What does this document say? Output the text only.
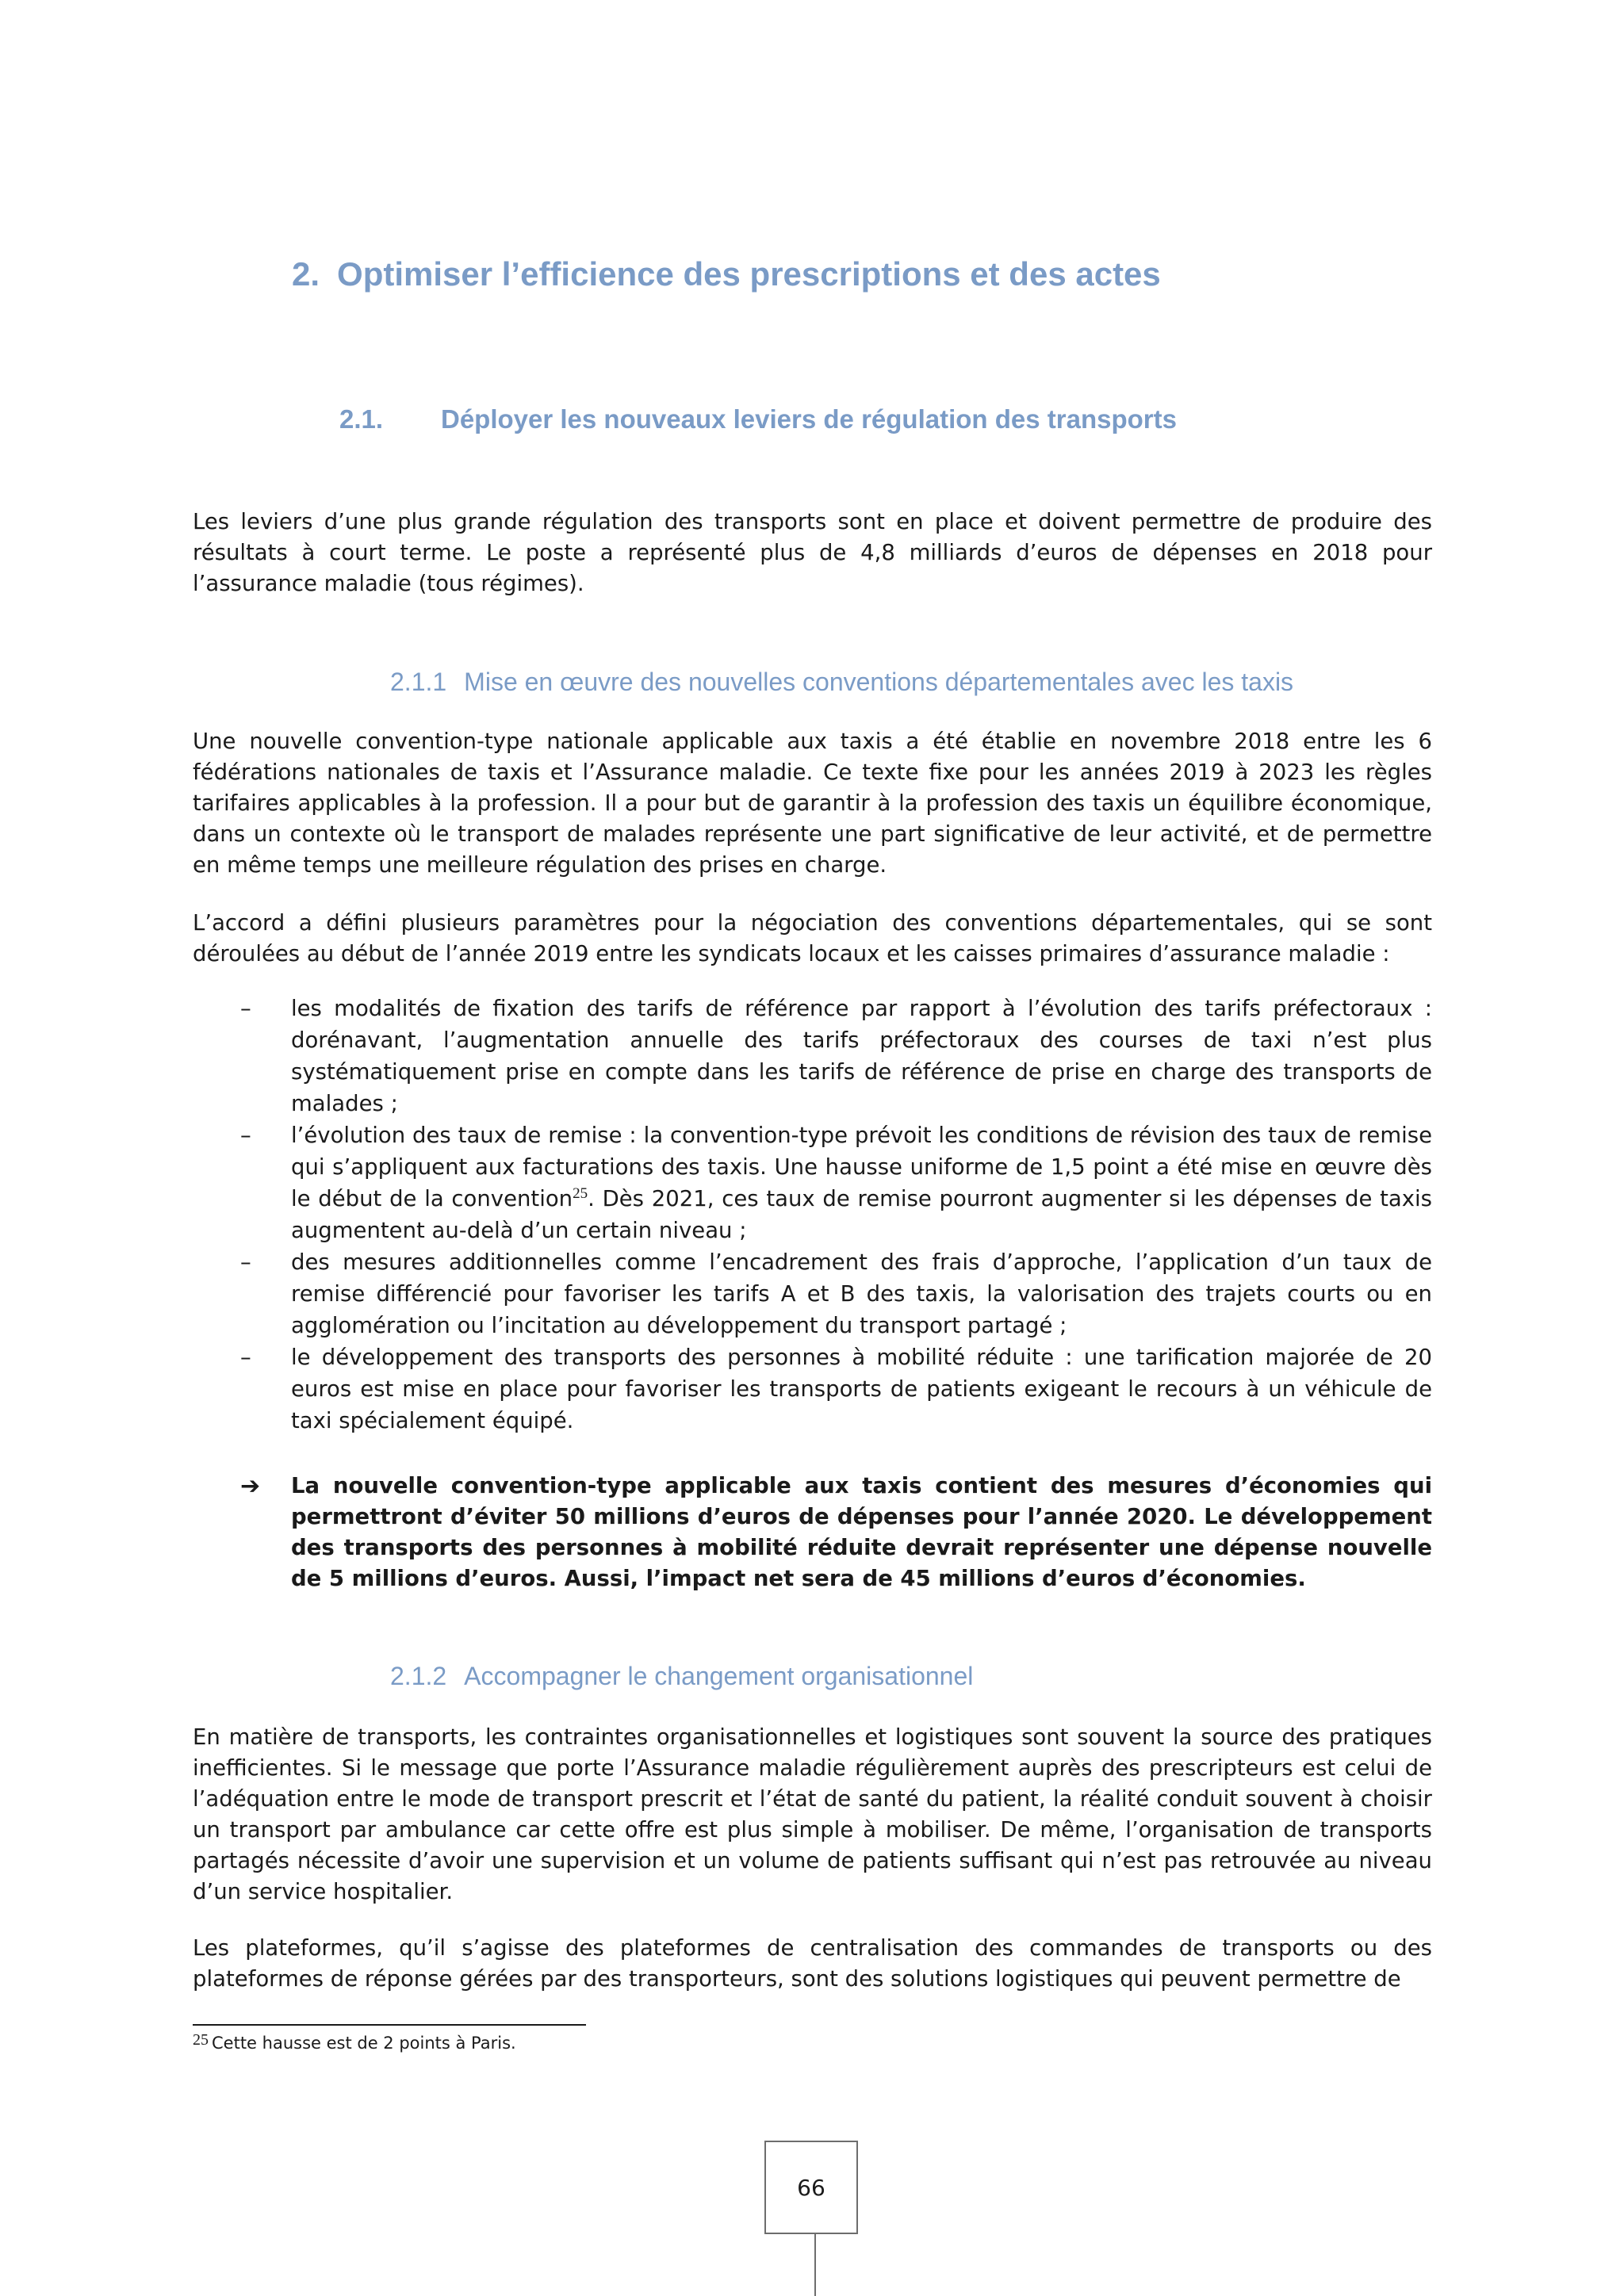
2. Optimiser l’efficience des prescriptions et des actes
2.1. Déployer les nouveaux leviers de régulation des transports

Les leviers d’une plus grande régulation des transports sont en place et doivent permettre de produire des résultats à court terme. Le poste a représenté plus de 4,8 milliards d’euros de dépenses en 2018 pour l’assurance maladie (tous régimes).

2.1.1 Mise en œuvre des nouvelles conventions départementales avec les taxis

Une nouvelle convention-type nationale applicable aux taxis a été établie en novembre 2018 entre les 6 fédérations nationales de taxis et l’Assurance maladie. Ce texte fixe pour les années 2019 à 2023 les règles tarifaires applicables à la profession. Il a pour but de garantir à la profession des taxis un équilibre économique, dans un contexte où le transport de malades représente une part significative de leur activité, et de permettre en même temps une meilleure régulation des prises en charge.

L’accord a défini plusieurs paramètres pour la négociation des conventions départementales, qui se sont déroulées au début de l’année 2019 entre les syndicats locaux et les caisses primaires d’assurance maladie :

– les modalités de fixation des tarifs de référence par rapport à l’évolution des tarifs préfectoraux : dorénavant, l’augmentation annuelle des tarifs préfectoraux des courses de taxi n’est plus systématiquement prise en compte dans les tarifs de référence de prise en charge des transports de malades ;
– l’évolution des taux de remise : la convention-type prévoit les conditions de révision des taux de remise qui s’appliquent aux facturations des taxis. Une hausse uniforme de 1,5 point a été mise en œuvre dès le début de la convention$^{25}$. Dès 2021, ces taux de remise pourront augmenter si les dépenses de taxis augmentent au-delà d’un certain niveau ;
– des mesures additionnelles comme l’encadrement des frais d’approche, l’application d’un taux de remise différencié pour favoriser les tarifs A et B des taxis, la valorisation des trajets courts ou en agglomération ou l’incitation au développement du transport partagé ;
– le développement des transports des personnes à mobilité réduite : une tarification majorée de 20 euros est mise en place pour favoriser les transports de patients exigeant le recours à un véhicule de taxi spécialement équipé.

➔ La nouvelle convention-type applicable aux taxis contient des mesures d’économies qui permettront d’éviter 50 millions d’euros de dépenses pour l’année 2020. Le développement des transports des personnes à mobilité réduite devrait représenter une dépense nouvelle de 5 millions d’euros. Aussi, l’impact net sera de 45 millions d’euros d’économies.

2.1.2 Accompagner le changement organisationnel

En matière de transports, les contraintes organisationnelles et logistiques sont souvent la source des pratiques inefficientes. Si le message que porte l’Assurance maladie régulièrement auprès des prescripteurs est celui de l’adéquation entre le mode de transport prescrit et l’état de santé du patient, la réalité conduit souvent à choisir un transport par ambulance car cette offre est plus simple à mobiliser. De même, l’organisation de transports partagés nécessite d’avoir une supervision et un volume de patients suffisant qui n’est pas retrouvée au niveau d’un service hospitalier.

Les plateformes, qu’il s’agisse des plateformes de centralisation des commandes de transports ou des plateformes de réponse gérées par des transporteurs, sont des solutions logistiques qui peuvent permettre de

25 Cette hausse est de 2 points à Paris.

66
